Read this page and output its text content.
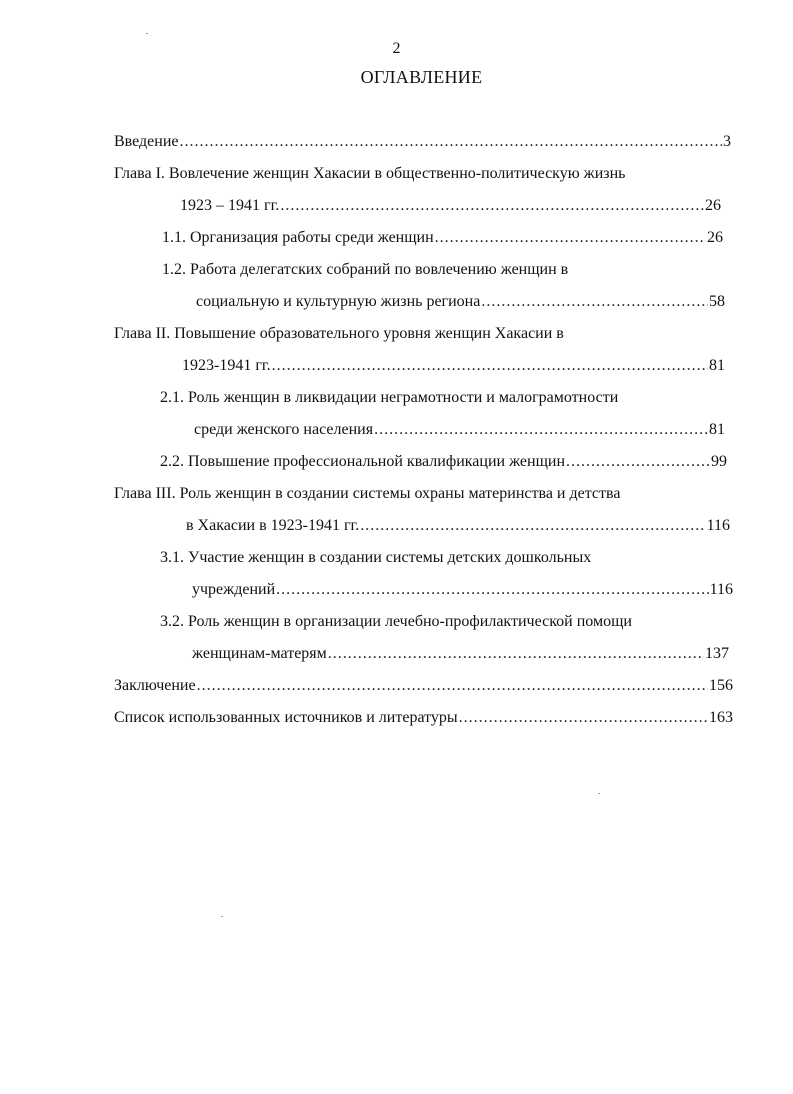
2
ОГЛАВЛЕНИЕ
Введение .....	3
Глава I. Вовлечение женщин Хакасии в общественно-политическую жизнь
1923 – 1941 гг. .....	26
1.1. Организация работы среди женщин .....	26
1.2. Работа делегатских собраний по вовлечению женщин в
социальную и культурную жизнь региона .....	58
Глава II. Повышение образовательного уровня женщин Хакасии в
1923-1941 гг. .....	81
2.1. Роль женщин в ликвидации неграмотности и малограмотности
среди женского населения .....	81
2.2. Повышение профессиональной квалификации женщин .....	99
Глава III. Роль женщин в создании системы охраны материнства и детства
в Хакасии в 1923-1941 гг. .....	116
3.1. Участие женщин в создании системы детских дошкольных
учреждений .....	116
3.2. Роль женщин в организации лечебно-профилактической помощи
женщинам-матерям .....	137
Заключение .....	156
Список использованных источников и литературы .....	163
